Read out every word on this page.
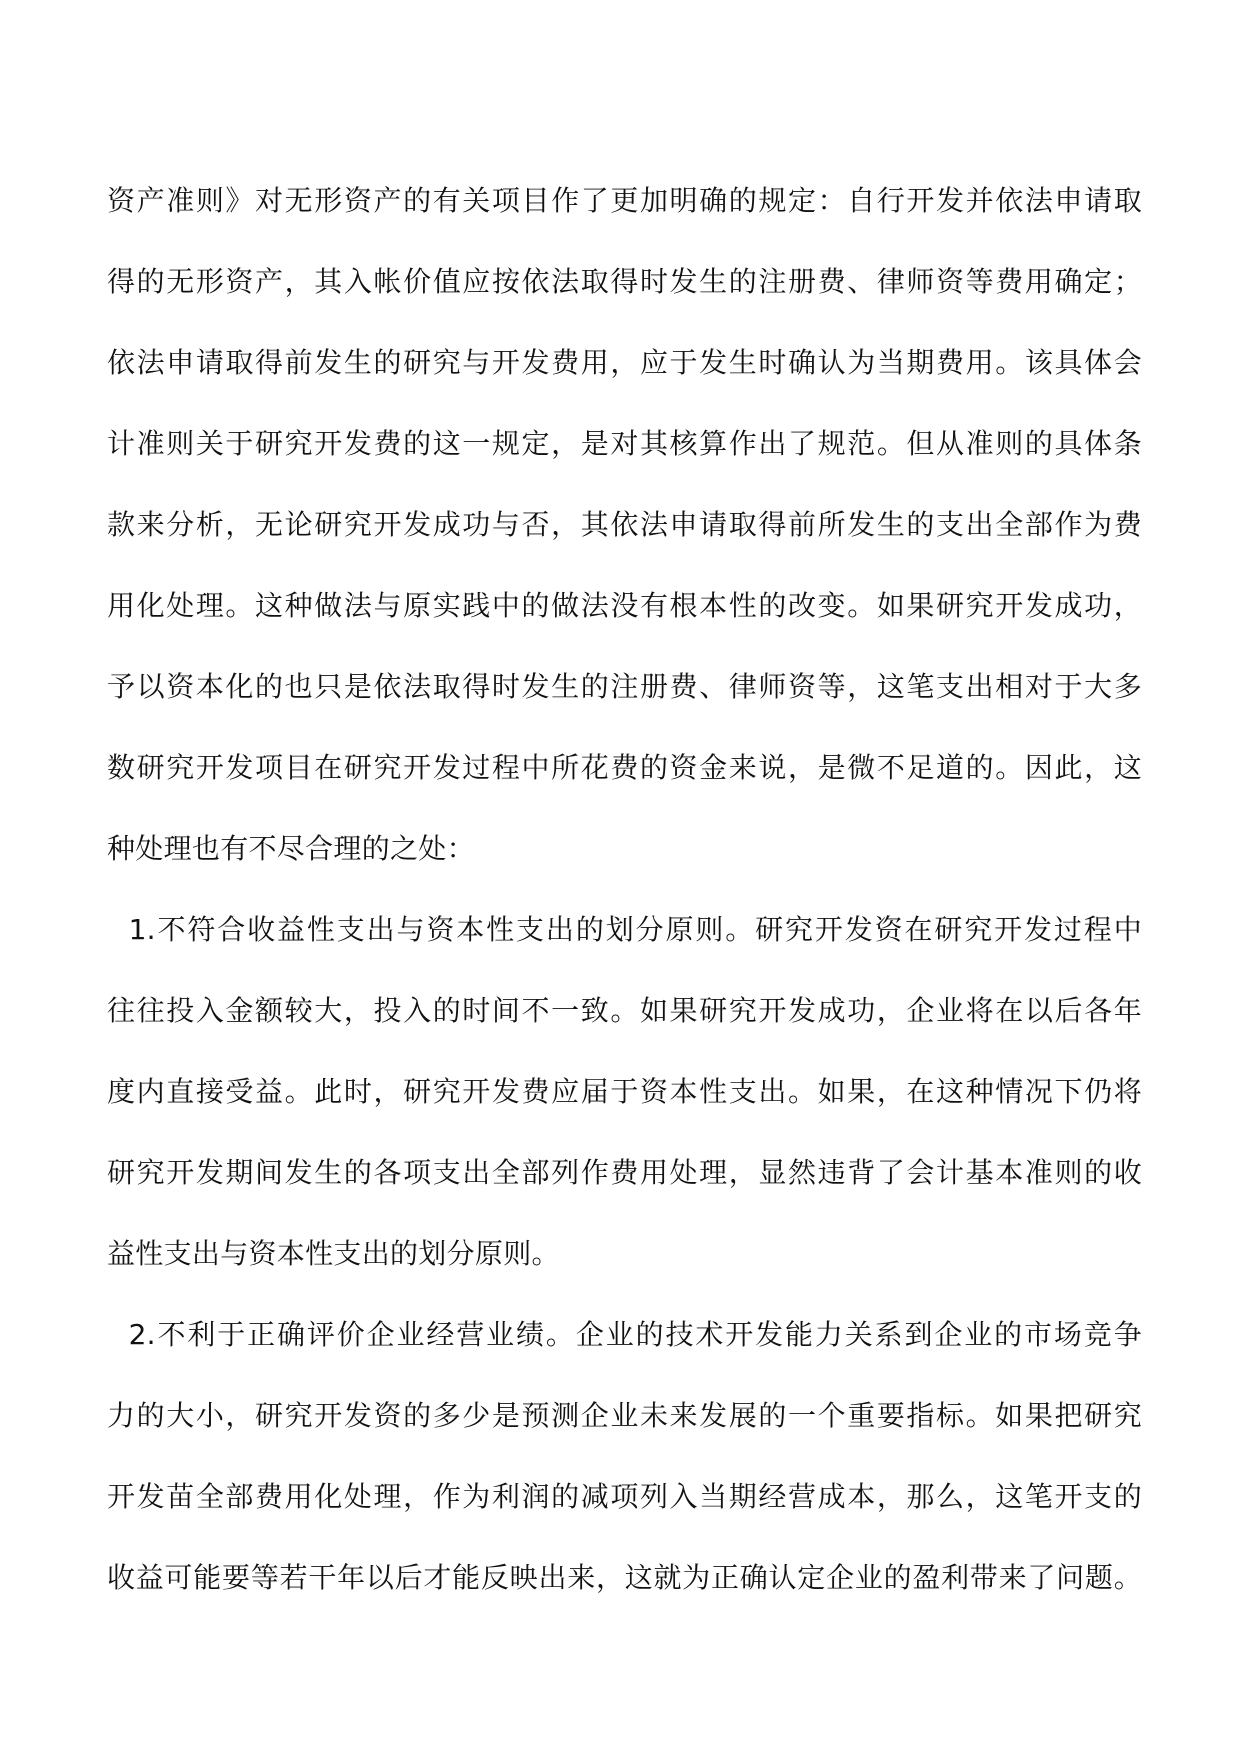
资产准则》对无形资产的有关项目作了更加明确的规定：自行开发并依法申请取
得的无形资产，其入帐价值应按依法取得时发生的注册费、律师资等费用确定；
依法申请取得前发生的研究与开发费用，应于发生时确认为当期费用。该具体会
计准则关于研究开发费的这一规定，是对其核算作出了规范。但从准则的具体条
款来分析，无论研究开发成功与否，其依法申请取得前所发生的支出全部作为费
用化处理。这种做法与原实践中的做法没有根本性的改变。如果研究开发成功，
予以资本化的也只是依法取得时发生的注册费、律师资等，这笔支出相对于大多
数研究开发项目在研究开发过程中所花费的资金来说，是微不足道的。因此，这
种处理也有不尽合理的之处：
1.不符合收益性支出与资本性支出的划分原则。研究开发资在研究开发过程中
往往投入金额较大，投入的时间不一致。如果研究开发成功，企业将在以后各年
度内直接受益。此时，研究开发费应届于资本性支出。如果，在这种情况下仍将
研究开发期间发生的各项支出全部列作费用处理，显然违背了会计基本准则的收
益性支出与资本性支出的划分原则。
2.不利于正确评价企业经营业绩。企业的技术开发能力关系到企业的市场竞争
力的大小，研究开发资的多少是预测企业未来发展的一个重要指标。如果把研究
开发苗全部费用化处理，作为利润的减项列入当期经营成本，那么，这笔开支的
收益可能要等若干年以后才能反映出来，这就为正确认定企业的盈利带来了问题。
